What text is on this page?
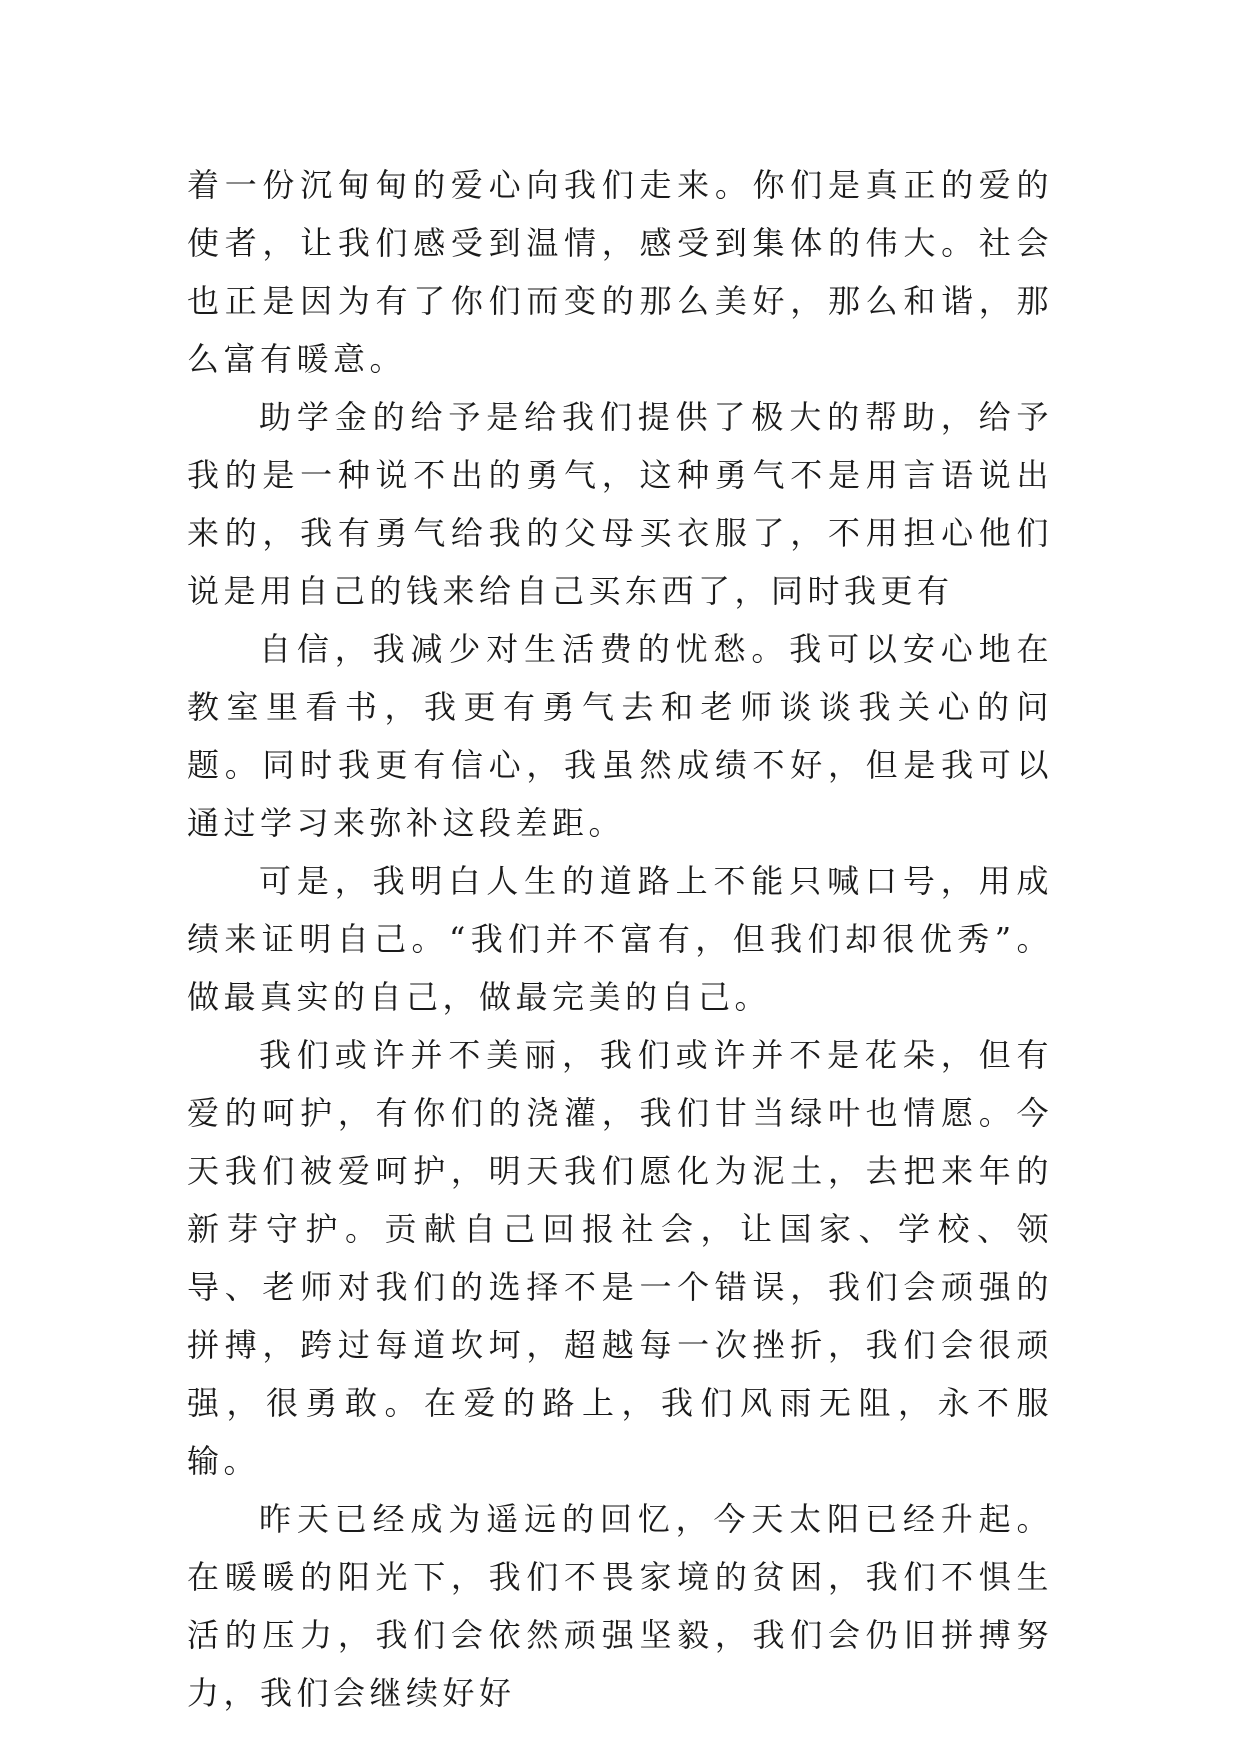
着一份沉甸甸的爱心向我们走来。你们是真正的爱的使者，让我们感受到温情，感受到集体的伟大。社会也正是因为有了你们而变的那么美好，那么和谐，那么富有暖意。

助学金的给予是给我们提供了极大的帮助，给予我的是一种说不出的勇气，这种勇气不是用言语说出来的，我有勇气给我的父母买衣服了，不用担心他们说是用自己的钱来给自己买东西了，同时我更有

自信，我减少对生活费的忧愁。我可以安心地在教室里看书，我更有勇气去和老师谈谈我关心的问题。同时我更有信心，我虽然成绩不好，但是我可以通过学习来弥补这段差距。

可是，我明白人生的道路上不能只喊口号，用成绩来证明自己。“我们并不富有，但我们却很优秀”。做最真实的自己，做最完美的自己。

我们或许并不美丽，我们或许并不是花朵，但有爱的呵护，有你们的浇灌，我们甘当绿叶也情愿。今天我们被爱呵护，明天我们愿化为泥土，去把来年的新芽守护。贡献自己回报社会，让国家、学校、领导、老师对我们的选择不是一个错误，我们会顽强的拼搏，跨过每道坎坷，超越每一次挫折，我们会很顽强，很勇敢。在爱的路上，我们风雨无阻，永不服输。

昨天已经成为遥远的回忆，今天太阳已经升起。在暖暖的阳光下，我们不畏家境的贫困，我们不惧生活的压力，我们会依然顽强坚毅，我们会仍旧拼搏努力，我们会继续好好
